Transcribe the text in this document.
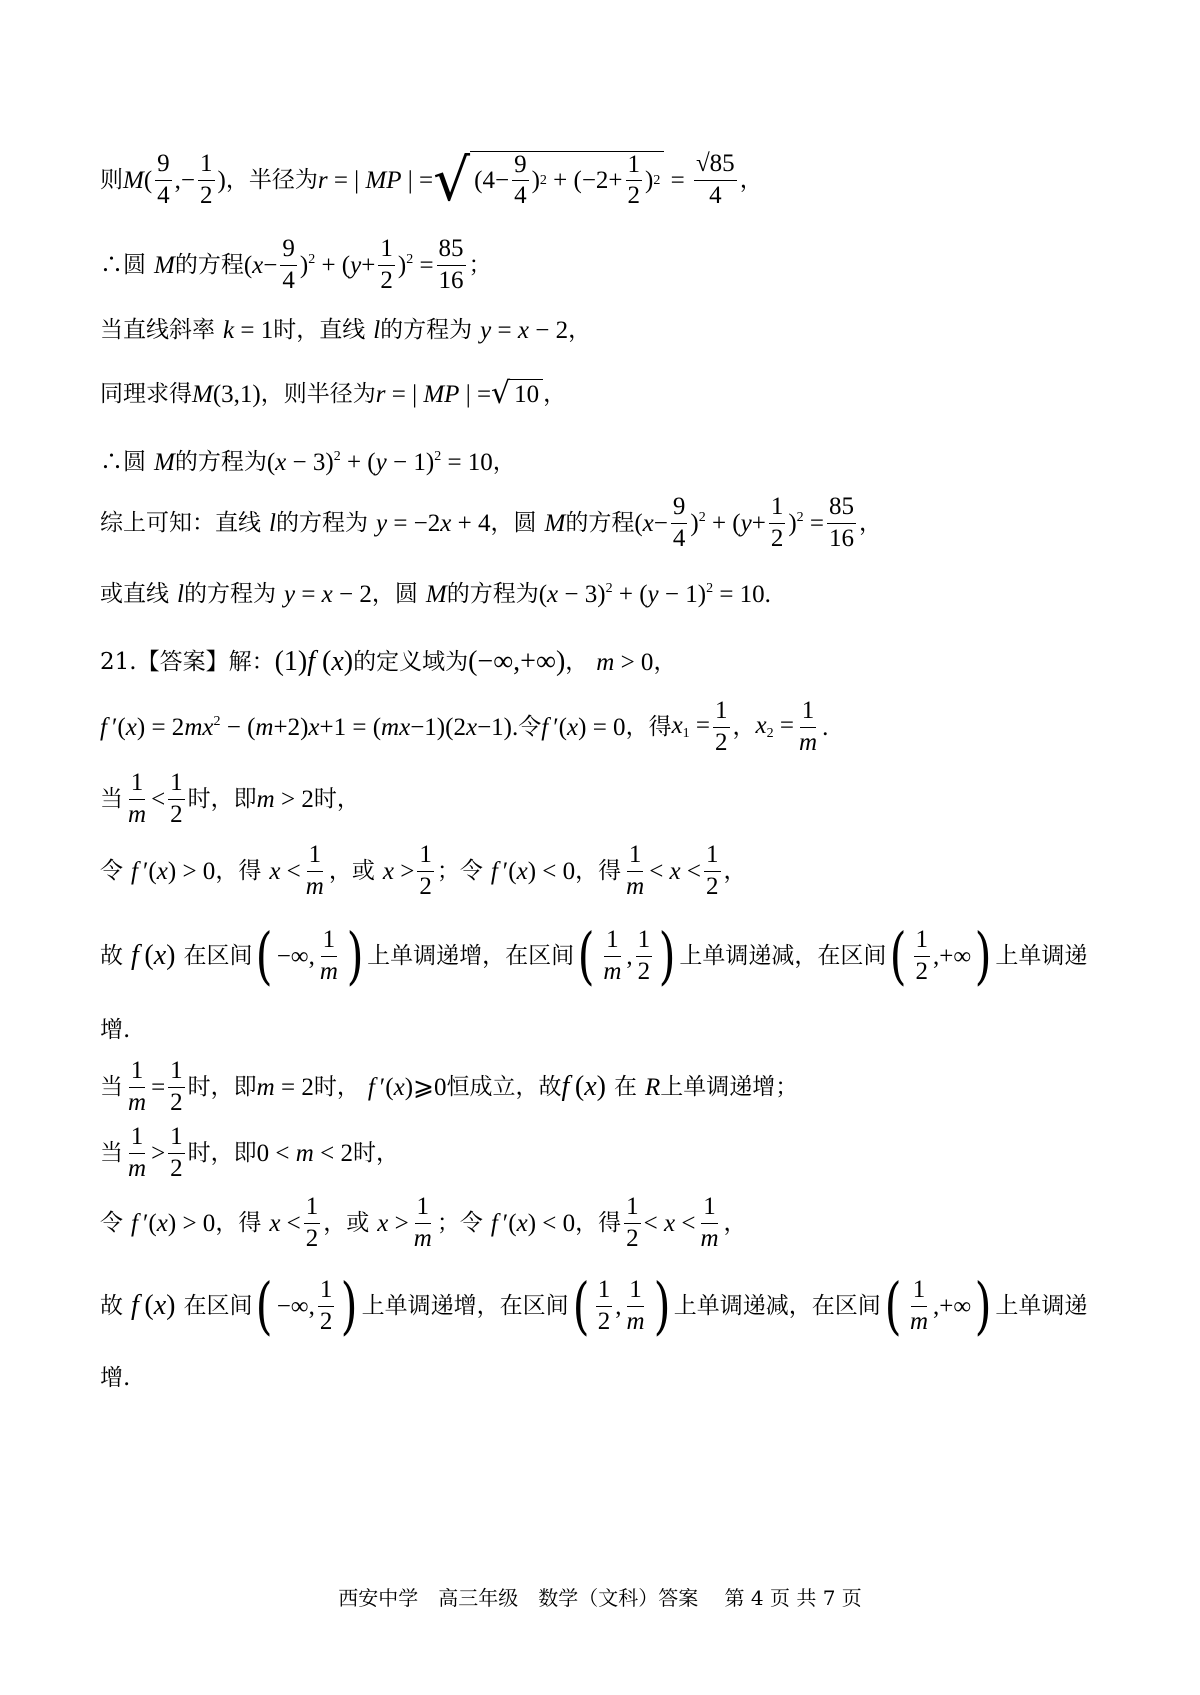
则 M ( $\frac{9}{4}$ ,− $\frac{1}{2}$ ) ，半径为 r = | MP | = √ ($4- \frac{9}{4}$ ) $2 + (-2+ \frac{1}{2}$ ) $2 = \frac{√85}{4}$ ，
∴圆 M 的方程 $(x- \frac{9}{4} )^2 + (y+ \frac{1}{2} )^2 = \frac{85}{16}$ ；
当直线斜率 k = 1 时，直线 l 的方程为 y = x − 2 ，
同理求得 M(3,1) ，则半径为 r = | MP | = √ 10 ，
∴圆 M 的方程为 $(x - 3)^2 + (y - 1)^2 = 10$ ，
综上可知：直线 l 的方程为 y = −2x + 4 ，圆 M 的方程 $(x- \frac{9}{4} )^2 + (y+ \frac{1}{2} )^2 = \frac{85}{16}$ ，
或直线 l 的方程为 y = x − 2 ，圆 M 的方程为 $(x - 3)^2 + (y - 1)^2 = 10$.
21.【答案】解： (1)f (x) 的定义域为 (−∞,+∞) ， m > 0 ，
f $'(x) = 2mx^2 - (m+2)x+1 = (mx-1)(2x-1)$. 令 f ′(x) = 0 ，得 $x_1 = \frac{1}{2}$ ， $x_2 = \frac{1}{m}$ .
当 $\frac{1}{m} < \frac{1}{2}$ 时，即 m > 2 时，
令 f ′(x) > 0 ，得 $x < \frac{1}{m}$ ，或 $x > \frac{1}{2}$ ；令 f ′(x) < 0 ，得 $\frac{1}{m} < x < \frac{1}{2}$ ，
故 f (x) 在区间 ( −∞, $\frac{1}{m}$ ) 上单调递增，在区间 ( $\frac{1}{m}$ , $\frac{1}{2}$ ) 上单调递减，在区间 ( $\frac{1}{2}$ ,+∞ ) 上单调递
增.
当 $\frac{1}{m} = \frac{1}{2}$ 时，即 m = 2 时， f ′(x)⩾0 恒成立，故 f (x) 在 R 上单调递增；
当 $\frac{1}{m} > \frac{1}{2}$ 时，即 0 < m < 2 时，
令 f ′(x) > 0 ，得 $x < \frac{1}{2}$ ，或 $x > \frac{1}{m}$ ；令 f ′(x) < 0 ，得 $\frac{1}{2} < x < \frac{1}{m}$ ，
故 f (x) 在区间 ( −∞, $\frac{1}{2}$ ) 上单调递增，在区间 ( $\frac{1}{2}$ , $\frac{1}{m}$ ) 上单调递减，在区间 ( $\frac{1}{m}$ ,+∞ ) 上单调递
增.
西安中学　高三年级　数学（文科）答案　 第 4 页 共 7 页
